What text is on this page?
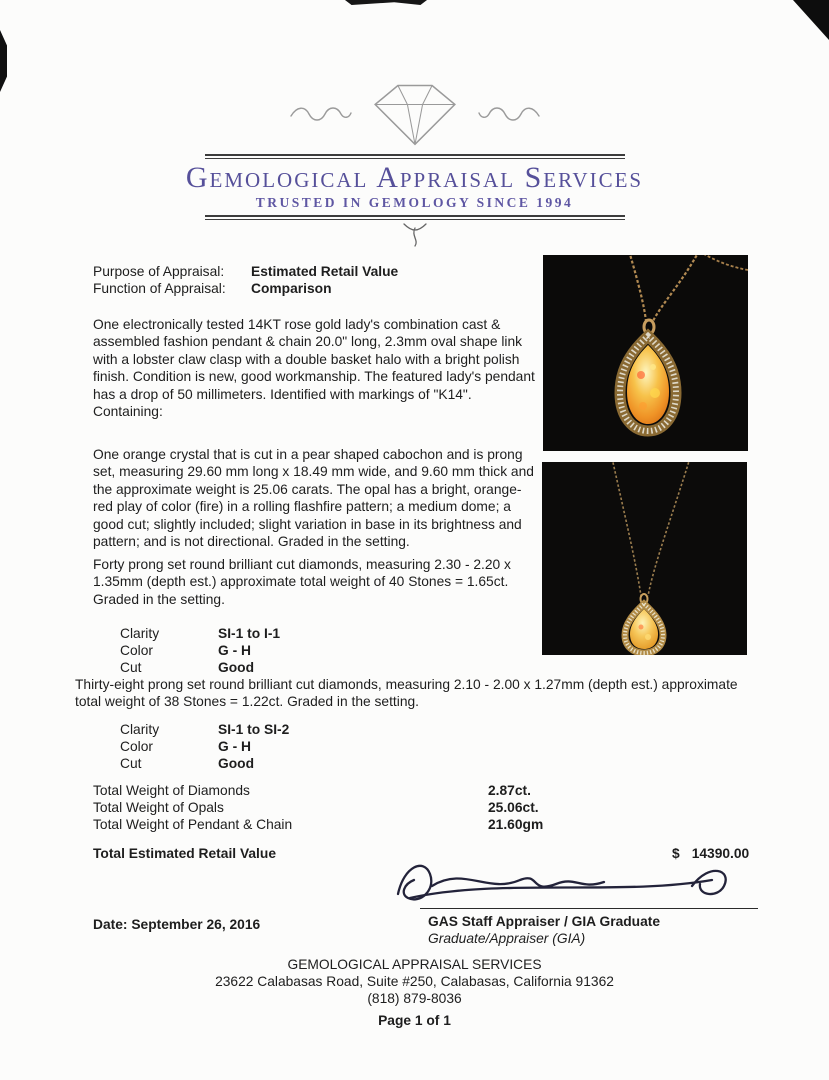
Gemological Appraisal Services
TRUSTED IN GEMOLOGY SINCE 1994
Purpose of Appraisal: Estimated Retail Value
Function of Appraisal: Comparison
One electronically tested 14KT rose gold lady's combination cast & assembled fashion pendant & chain 20.0" long, 2.3mm oval shape link with a lobster claw clasp with a double basket halo with a bright polish finish. Condition is new, good workmanship. The featured lady's pendant has a drop of 50 millimeters. Identified with markings of "K14". Containing:
One orange crystal that is cut in a pear shaped cabochon and is prong set, measuring 29.60 mm long x 18.49 mm wide, and 9.60 mm thick and the approximate weight is 25.06 carats. The opal has a bright, orange-red play of color (fire) in a rolling flashfire pattern; a medium dome; a good cut; slightly included; slight variation in base in its brightness and pattern; and is not directional. Graded in the setting.
Forty prong set round brilliant cut diamonds, measuring 2.30 - 2.20 x 1.35mm (depth est.) approximate total weight of 40 Stones = 1.65ct. Graded in the setting.
Clarity	SI-1 to I-1
Color	G - H
Cut	Good
Thirty-eight prong set round brilliant cut diamonds, measuring 2.10 - 2.00 x 1.27mm (depth est.) approximate total weight of 38 Stones = 1.22ct. Graded in the setting.
Clarity	SI-1 to SI-2
Color	G - H
Cut	Good
Total Weight of Diamonds	2.87ct.
Total Weight of Opals	25.06ct.
Total Weight of Pendant & Chain	21.60gm
Total Estimated Retail Value	$ 14390.00
Date: September 26, 2016	GAS Staff Appraiser / GIA Graduate
Graduate/Appraiser (GIA)
GEMOLOGICAL APPRAISAL SERVICES
23622 Calabasas Road, Suite #250, Calabasas, California 91362
(818) 879-8036
Page 1 of 1
